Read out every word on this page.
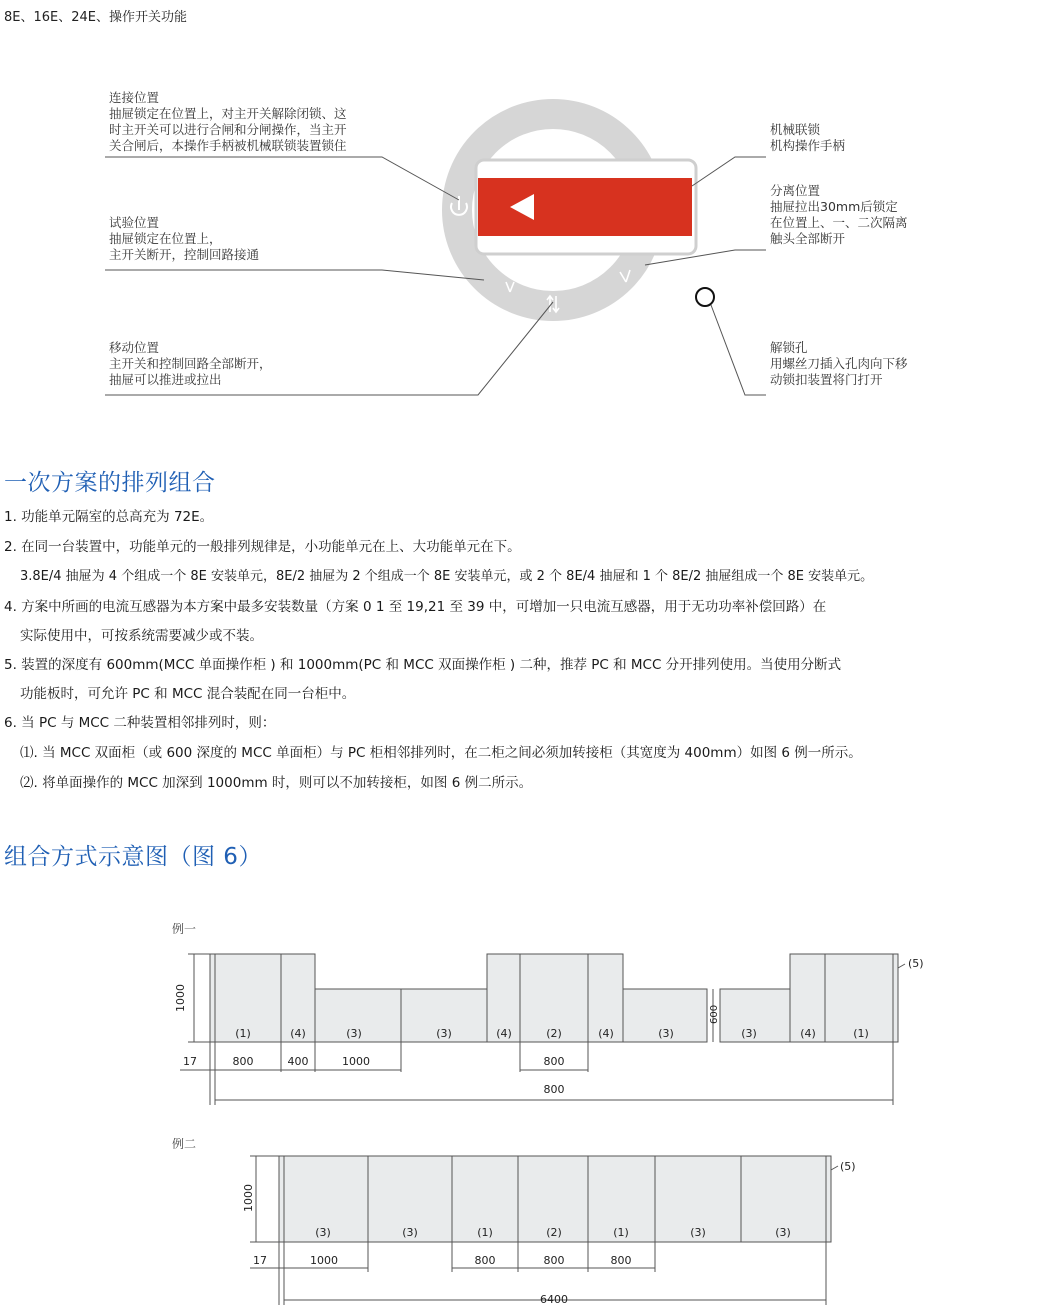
8E、16E、24E、操作开关功能
连接位置
抽屉锁定在位置上，对主开关解除闭锁、这
时主开关可以进行合闸和分闸操作，当主开
关合闸后，本操作手柄被机械联锁装置锁住
试验位置
抽屉锁定在位置上，
主开关断开，控制回路接通
移动位置
主开关和控制回路全部断开，
抽屉可以推进或拉出
机械联锁
机构操作手柄
分离位置
抽屉拉出30mm后锁定
在位置上、一、二次隔离
触头全部断开
解锁孔
用螺丝刀插入孔肉向下移
动锁扣装置将门打开
一次方案的排列组合
1. 功能单元隔室的总高充为 72E。
2. 在同一台装置中，功能单元的一般排列规律是，小功能单元在上、大功能单元在下。
3.8E/4 抽屉为 4 个组成一个 8E 安装单元，8E/2 抽屉为 2 个组成一个 8E 安装单元，或 2 个 8E/4 抽屉和 1 个 8E/2 抽屉组成一个 8E 安装单元。
4. 方案中所画的电流互感器为本方案中最多安装数量（方案 0 1 至 19,21 至 39 中，可增加一只电流互感器，用于无功功率补偿回路）在
实际使用中，可按系统需要减少或不装。
5. 装置的深度有 600mm(MCC 单面操作柜 ) 和 1000mm(PC 和 MCC 双面操作柜 ) 二种，推荐 PC 和 MCC 分开排列使用。当使用分断式
功能板时，可允许 PC 和 MCC 混合装配在同一台柜中。
6. 当 PC 与 MCC 二种装置相邻排列时，则：
⑴. 当 MCC 双面柜（或 600 深度的 MCC 单面柜）与 PC 柜相邻排列时，在二柜之间必须加转接柜（其宽度为 400mm）如图 6 例一所示。
⑵. 将单面操作的 MCC 加深到 1000mm 时，则可以不加转接柜，如图 6 例二所示。
组合方式示意图（图 6）
例一
(1)	(4)	(3)	(3)	(4)	(2)	(4)	(3)	(3)	(4)	(1)
600
1000
(5)
17	800	400	1000	800
800
例二
(3)	(3)	(1)	(2)	(1)	(3)	(3)
1000
(5)
17	1000	800	800	800
6400
